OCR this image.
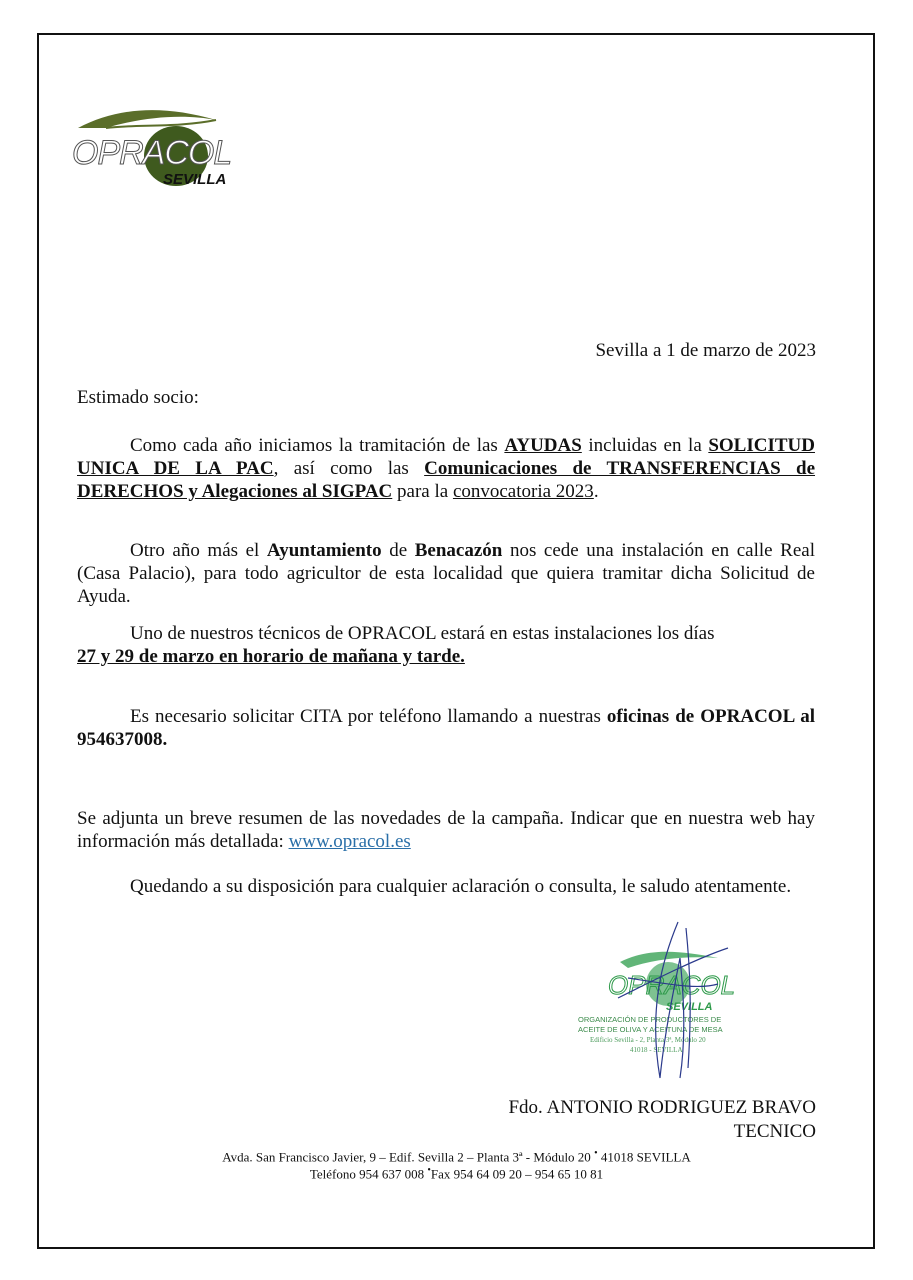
OPRACOL
SEVILLA
Sevilla a 1 de marzo de 2023
Estimado socio:
Como cada año iniciamos la tramitación de las AYUDAS incluidas en la SOLICITUD UNICA DE LA PAC, así como las Comunicaciones de TRANSFERENCIAS de DERECHOS y Alegaciones al SIGPAC para la convocatoria 2023.
Otro año más el Ayuntamiento de Benacazón nos cede una instalación en calle Real (Casa Palacio), para todo agricultor de esta localidad que quiera tramitar dicha Solicitud de Ayuda.
Uno de nuestros técnicos de OPRACOL estará en estas instalaciones los días

27 y 29 de marzo en horario de mañana y tarde.
Es necesario solicitar CITA por teléfono llamando a nuestras oficinas de OPRACOL al 954637008.
Se adjunta un breve resumen de las novedades de la campaña. Indicar que en nuestra web hay información más detallada: www.opracol.es
Quedando a su disposición para cualquier aclaración o consulta, le saludo atentamente.
OPRACOL
SEVILLA
ORGANIZACIÓN DE PRODUCTORES DE
ACEITE DE OLIVA Y ACEITUNA DE MESA
Edificio Sevilla - 2, Planta 3ª, Módulo 20
41018 - SEVILLA
Fdo. ANTONIO RODRIGUEZ BRAVO
TECNICO
Avda. San Francisco Javier, 9 – Edif. Sevilla 2 – Planta 3ª - Módulo 20 • 41018 SEVILLA
Teléfono 954 637 008 •Fax 954 64 09 20 – 954 65 10 81
